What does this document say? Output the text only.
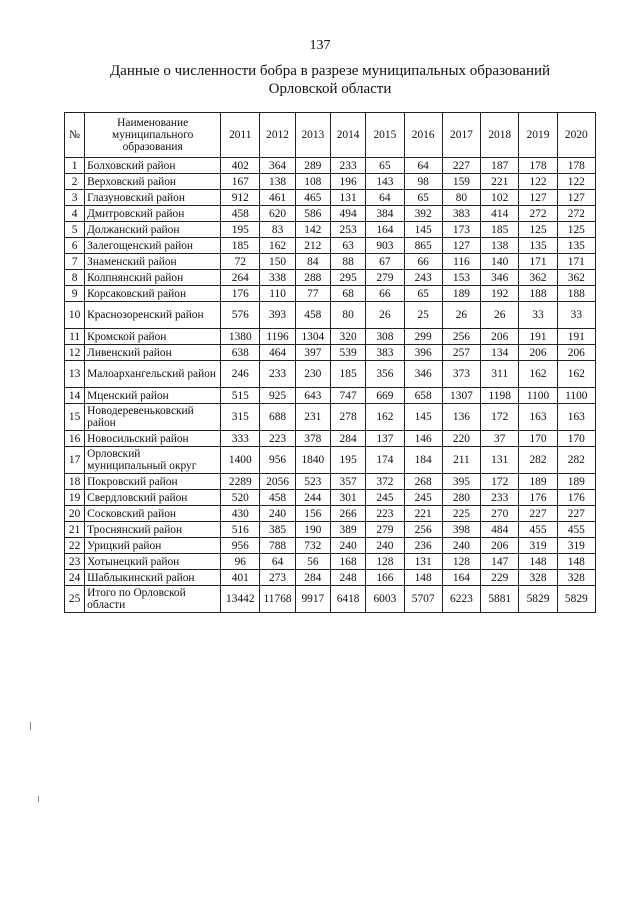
137
Данные о численности бобра в разрезе муниципальных образований
Орловской области
№	Наименование муниципального образования	2011	2012	2013	2014	2015	2016	2017	2018	2019	2020
1	Болховский район	402	364	289	233	65	64	227	187	178	178
2	Верховский район	167	138	108	196	143	98	159	221	122	122
3	Глазуновский район	912	461	465	131	64	65	80	102	127	127
4	Дмитровский район	458	620	586	494	384	392	383	414	272	272
5	Должанский район	195	83	142	253	164	145	173	185	125	125
6	Залегощенский район	185	162	212	63	903	865	127	138	135	135
7	Знаменский район	72	150	84	88	67	66	116	140	171	171
8	Колпнянский район	264	338	288	295	279	243	153	346	362	362
9	Корсаковский район	176	110	77	68	66	65	189	192	188	188
10	Краснозоренский район	576	393	458	80	26	25	26	26	33	33
11	Кромской район	1380	1196	1304	320	308	299	256	206	191	191
12	Ливенский район	638	464	397	539	383	396	257	134	206	206
13	Малоархангельский район	246	233	230	185	356	346	373	311	162	162
14	Мценский район	515	925	643	747	669	658	1307	1198	1100	1100
15	Новодеревеньковский район	315	688	231	278	162	145	136	172	163	163
16	Новосильский район	333	223	378	284	137	146	220	37	170	170
17	Орловский муниципальный округ	1400	956	1840	195	174	184	211	131	282	282
18	Покровский район	2289	2056	523	357	372	268	395	172	189	189
19	Свердловский район	520	458	244	301	245	245	280	233	176	176
20	Сосковский район	430	240	156	266	223	221	225	270	227	227
21	Троснянский район	516	385	190	389	279	256	398	484	455	455
22	Урицкий район	956	788	732	240	240	236	240	206	319	319
23	Хотынецкий район	96	64	56	168	128	131	128	147	148	148
24	Шаблыкинский район	401	273	284	248	166	148	164	229	328	328
25	Итого по Орловской области	13442	11768	9917	6418	6003	5707	6223	5881	5829	5829
